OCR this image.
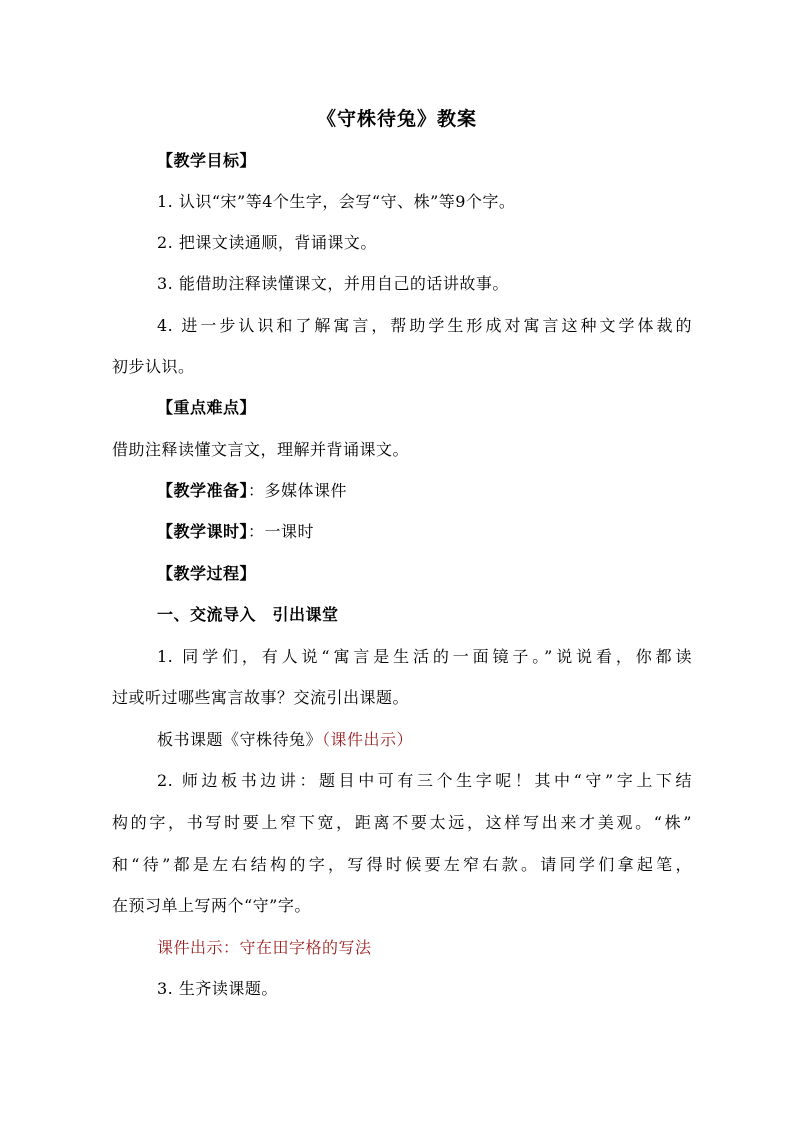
《守株待兔》教案
【教学目标】
1. 认识“宋”等4个生字，会写“守、株”等9个字。
2. 把课文读通顺，背诵课文。
3. 能借助注释读懂课文，并用自己的话讲故事。
4. 进一步认识和了解寓言，帮助学生形成对寓言这种文学体裁的
初步认识。
【重点难点】
借助注释读懂文言文，理解并背诵课文。
【教学准备】：多媒体课件
【教学课时】：一课时
【教学过程】
一、交流导入　引出课堂
1. 同学们，有人说“寓言是生活的一面镜子。”说说看，你都读
过或听过哪些寓言故事？交流引出课题。
板书课题《守株待兔》（课件出示）
2. 师边板书边讲：题目中可有三个生字呢！其中“守”字上下结
构的字，书写时要上窄下宽，距离不要太远，这样写出来才美观。“株”
和“待”都是左右结构的字，写得时候要左窄右款。请同学们拿起笔，
在预习单上写两个“守”字。
课件出示：守在田字格的写法
3. 生齐读课题。
